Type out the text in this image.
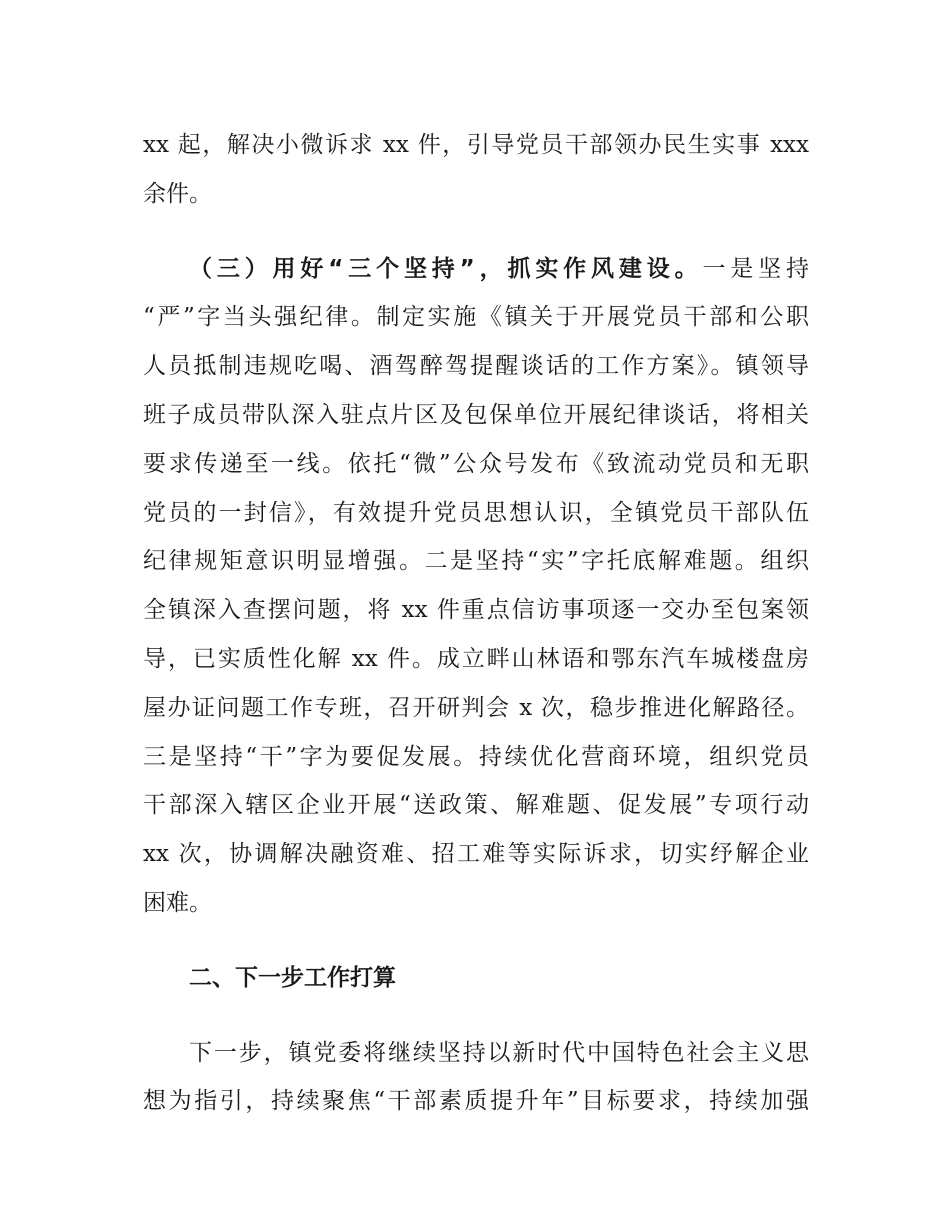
xx 起，解决小微诉求 xx 件，引导党员干部领办民生实事 xxx
余件。
（三）用好“三个坚持”，抓实作风建设。一是坚持
“严”字当头强纪律。制定实施《镇关于开展党员干部和公职
人员抵制违规吃喝、酒驾醉驾提醒谈话的工作方案》。镇领导
班子成员带队深入驻点片区及包保单位开展纪律谈话，将相关
要求传递至一线。依托“微”公众号发布《致流动党员和无职
党员的一封信》，有效提升党员思想认识，全镇党员干部队伍
纪律规矩意识明显增强。二是坚持“实”字托底解难题。组织
全镇深入查摆问题，将 xx 件重点信访事项逐一交办至包案领
导，已实质性化解 xx 件。成立畔山林语和鄂东汽车城楼盘房
屋办证问题工作专班，召开研判会 x 次，稳步推进化解路径。
三是坚持“干”字为要促发展。持续优化营商环境，组织党员
干部深入辖区企业开展“送政策、解难题、促发展”专项行动
xx 次，协调解决融资难、招工难等实际诉求，切实纾解企业
困难。
二、下一步工作打算
下一步，镇党委将继续坚持以新时代中国特色社会主义思
想为指引，持续聚焦“干部素质提升年”目标要求，持续加强
